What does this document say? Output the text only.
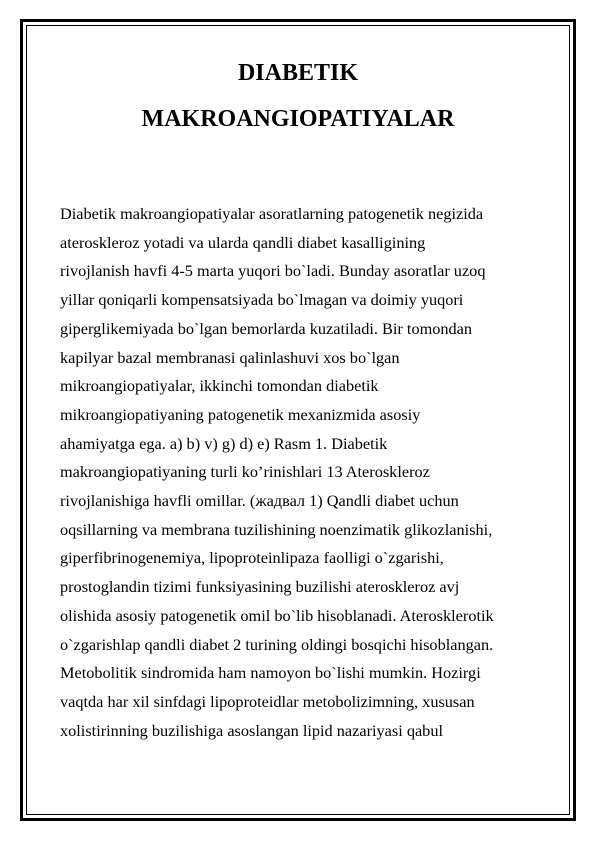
DIABETIK
MAKROANGIOPATIYALAR
Diabetik makroangiopatiyalar asoratlarning patogenetik negizida
ateroskleroz yotadi va ularda qandli diabet kasalligining
rivojlanish havfi 4-5 marta yuqori bo`ladi. Bunday asoratlar uzoq
yillar qoniqarli kompensatsiyada bo`lmagan va doimiy yuqori
giperglikemiyada bo`lgan bemorlarda kuzatiladi. Bir tomondan
kapilyar bazal membranasi qalinlashuvi xos bo`lgan
mikroangiopatiyalar, ikkinchi tomondan diabetik
mikroangiopatiyaning patogenetik mexanizmida asosiy
ahamiyatga ega. a) b) v) g) d) e) Rasm 1. Diabetik
makroangiopatiyaning turli ko’rinishlari 13 Ateroskleroz
rivojlanishiga havfli omillar. (жадвал 1) Qandli diabet uchun
oqsillarning va membrana tuzilishining noenzimatik glikozlanishi,
giperfibrinogenemiya, lipoproteinlipaza faolligi o`zgarishi,
prostoglandin tizimi funksiyasining buzilishi ateroskleroz avj
olishida asosiy patogenetik omil bo`lib hisoblanadi. Aterosklerotik
o`zgarishlap qandli diabet 2 turining oldingi bosqichi hisoblangan.
Metobolitik sindromida ham namoyon bo`lishi mumkin. Hozirgi
vaqtda har xil sinfdagi lipoproteidlar metobolizimning, xususan
xolistirinning buzilishiga asoslangan lipid nazariyasi qabul
